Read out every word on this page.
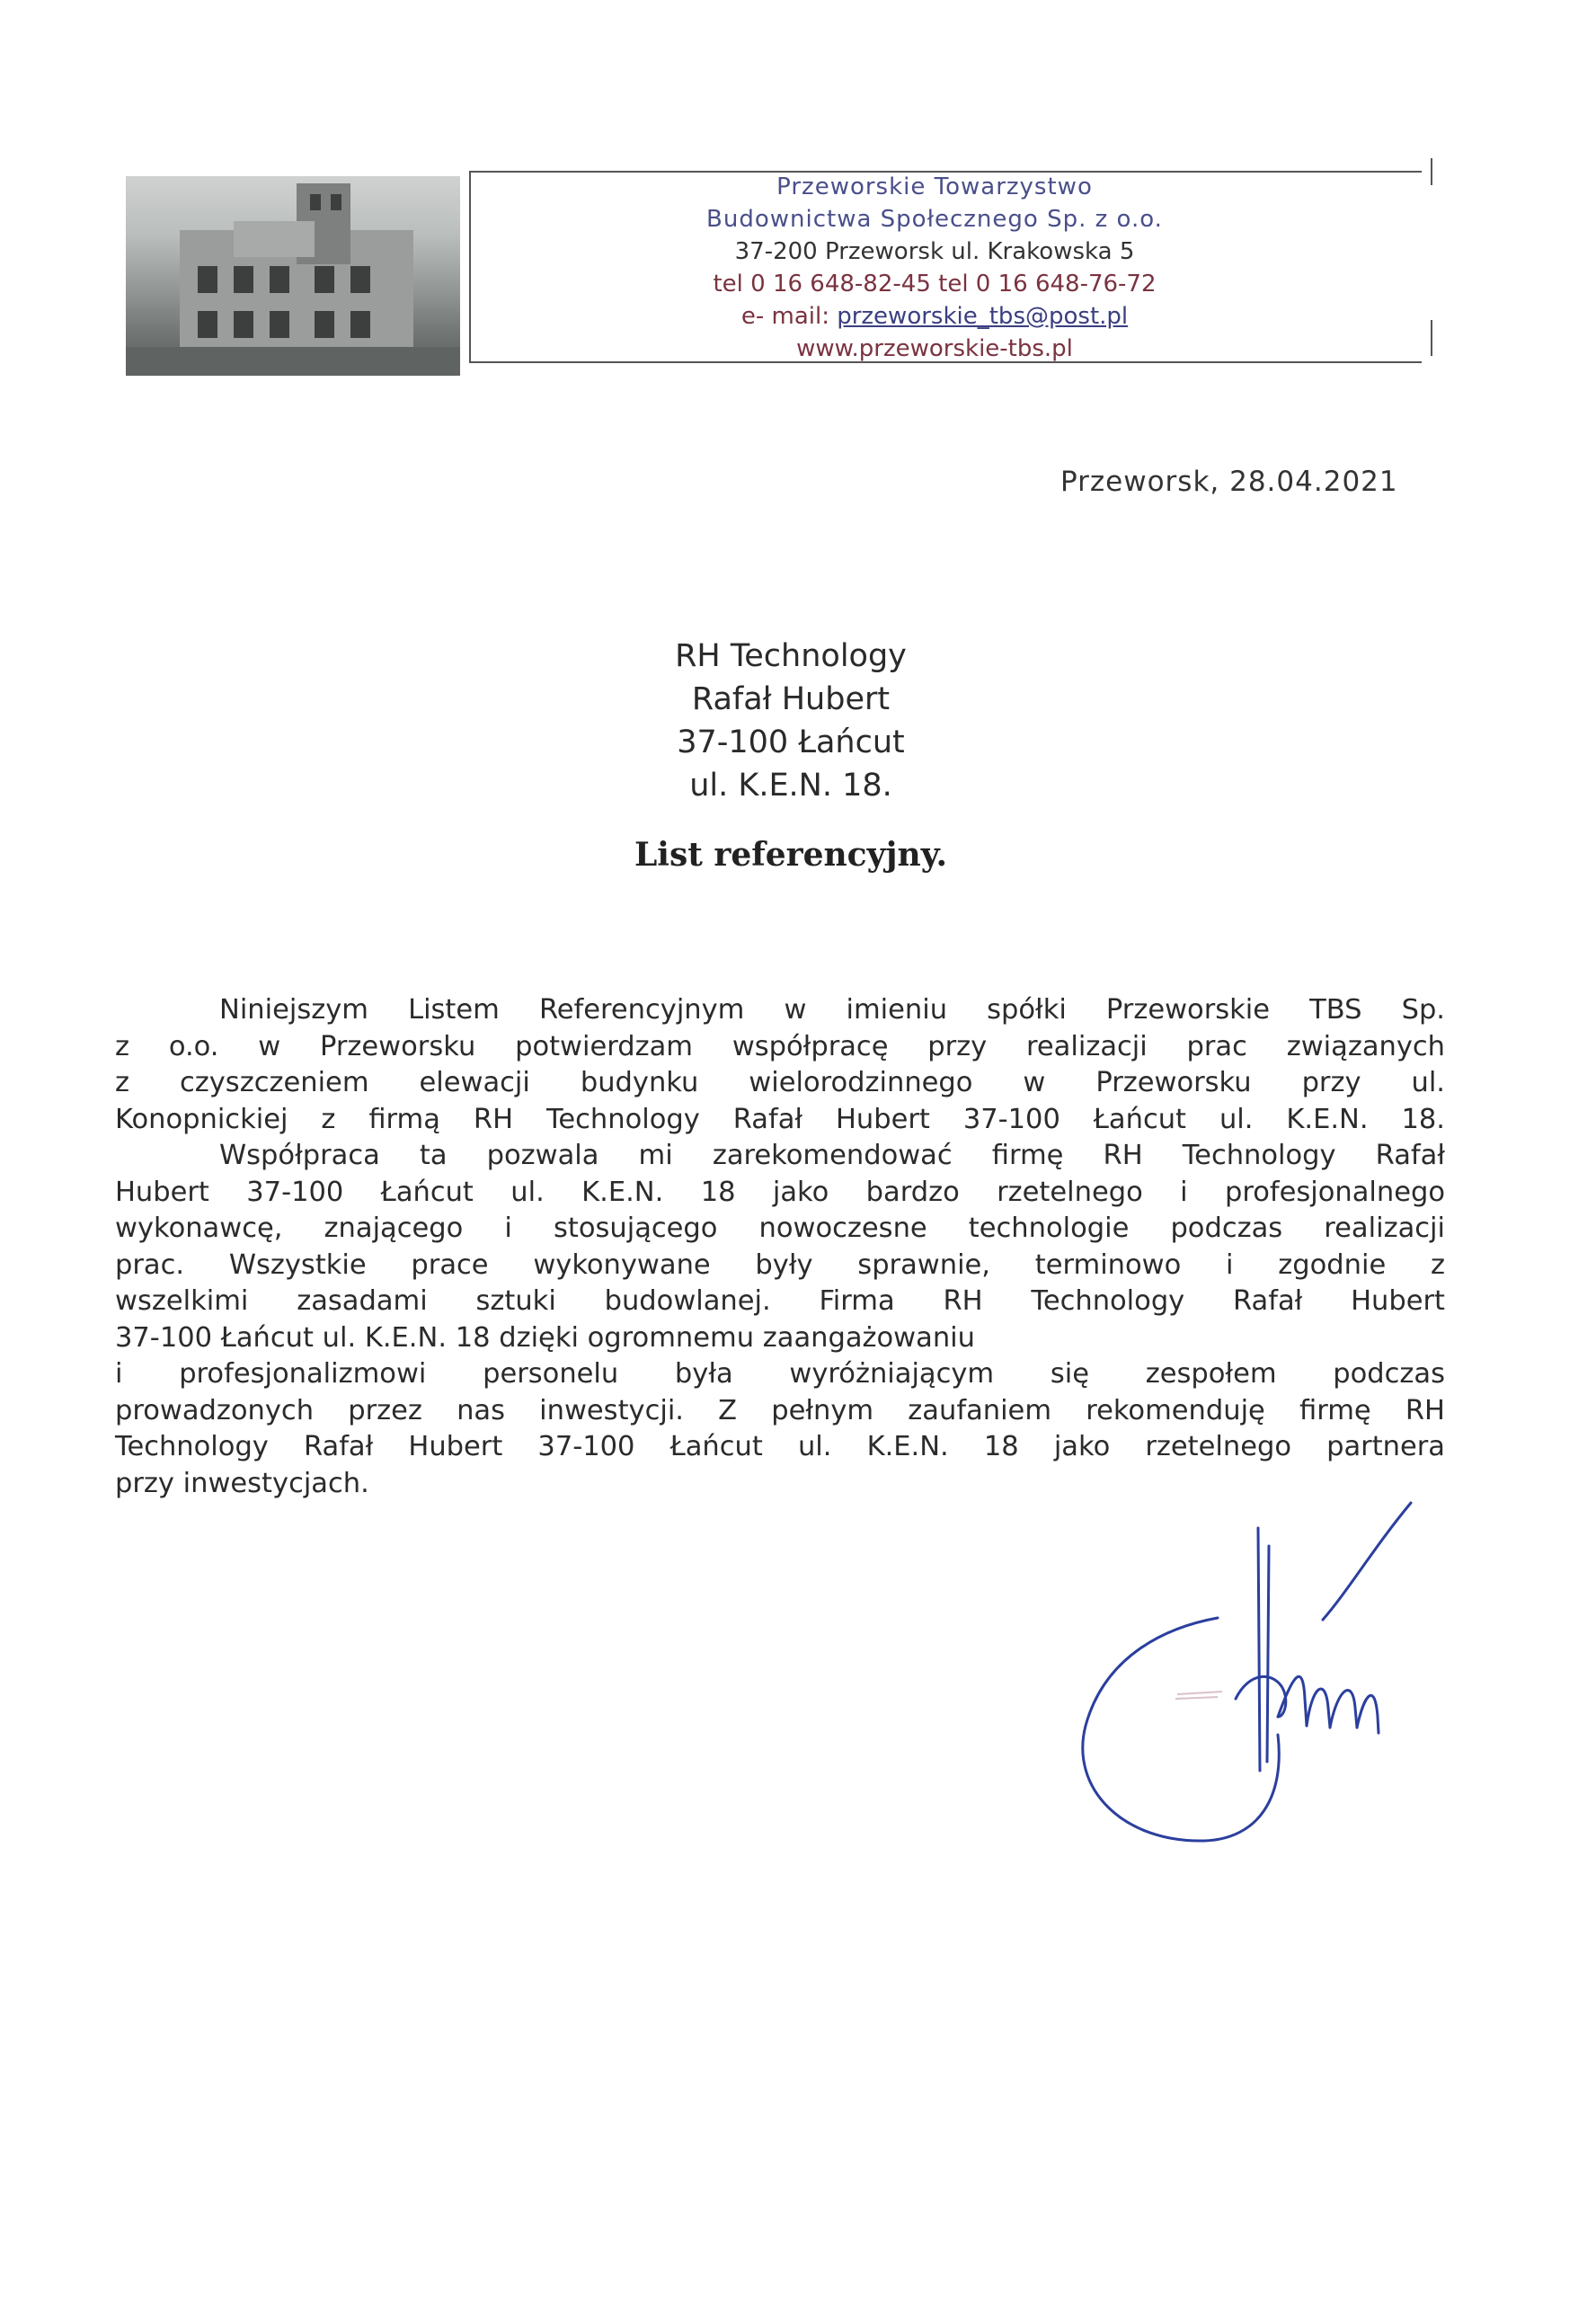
Przeworskie Towarzystwo
Budownictwa Społecznego Sp. z o.o.
37-200 Przeworsk ul. Krakowska 5
tel 0 16 648-82-45 tel 0 16 648-76-72
e- mail: przeworskie_tbs@post.pl
www.przeworskie-tbs.pl
Przeworsk, 28.04.2021
RH Technology
Rafał Hubert
37-100 Łańcut
ul. K.E.N. 18.
List referencyjny.
Niniejszym Listem Referencyjnym w imieniu spółki Przeworskie TBS Sp.
z o.o. w Przeworsku potwierdzam współpracę przy realizacji prac związanych
z czyszczeniem elewacji budynku wielorodzinnego w Przeworsku przy ul.
Konopnickiej z firmą RH Technology Rafał Hubert 37-100 Łańcut ul. K.E.N. 18.
Współpraca ta pozwala mi zarekomendować firmę RH Technology Rafał
Hubert 37-100 Łańcut ul. K.E.N. 18 jako bardzo rzetelnego i profesjonalnego
wykonawcę, znającego i stosującego nowoczesne technologie podczas realizacji
prac. Wszystkie prace wykonywane były sprawnie, terminowo i zgodnie z
wszelkimi zasadami sztuki budowlanej. Firma RH Technology Rafał Hubert
37-100 Łańcut ul. K.E.N. 18 dzięki ogromnemu zaangażowaniu
i profesjonalizmowi personelu była wyróżniającym się zespołem podczas
prowadzonych przez nas inwestycji. Z pełnym zaufaniem rekomenduję firmę RH
Technology Rafał Hubert 37-100 Łańcut ul. K.E.N. 18 jako rzetelnego partnera
przy inwestycjach.
